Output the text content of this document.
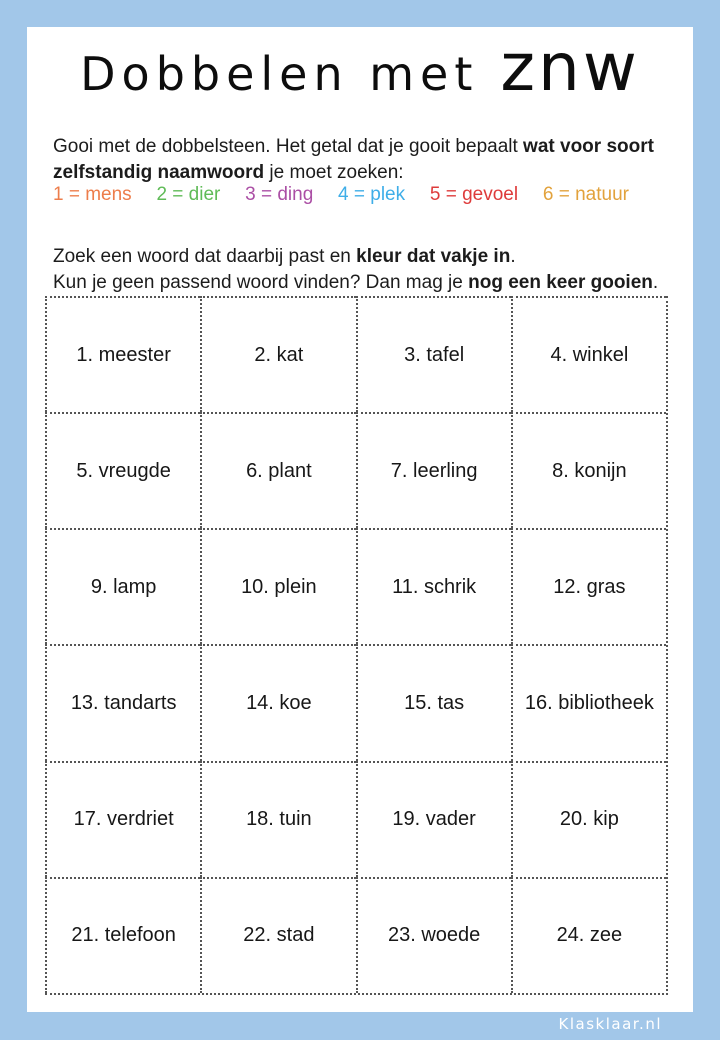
Dobbelen met znw

Gooi met de dobbelsteen. Het getal dat je gooit bepaalt wat voor soort
zelfstandig naamwoord je moet zoeken:

1 = mens 2 = dier 3 = ding 4 = plek 5 = gevoel 6 = natuur

Zoek een woord dat daarbij past en kleur dat vakje in.
Kun je geen passend woord vinden? Dan mag je nog een keer gooien.

1. meester	2. kat	3. tafel	4. winkel
5. vreugde	6. plant	7. leerling	8. konijn
9. lamp	10. plein	11. schrik	12. gras
13. tandarts	14. koe	15. tas	16. bibliotheek
17. verdriet	18. tuin	19. vader	20. kip
21. telefoon	22. stad	23. woede	24. zee
Klasklaar.nl
